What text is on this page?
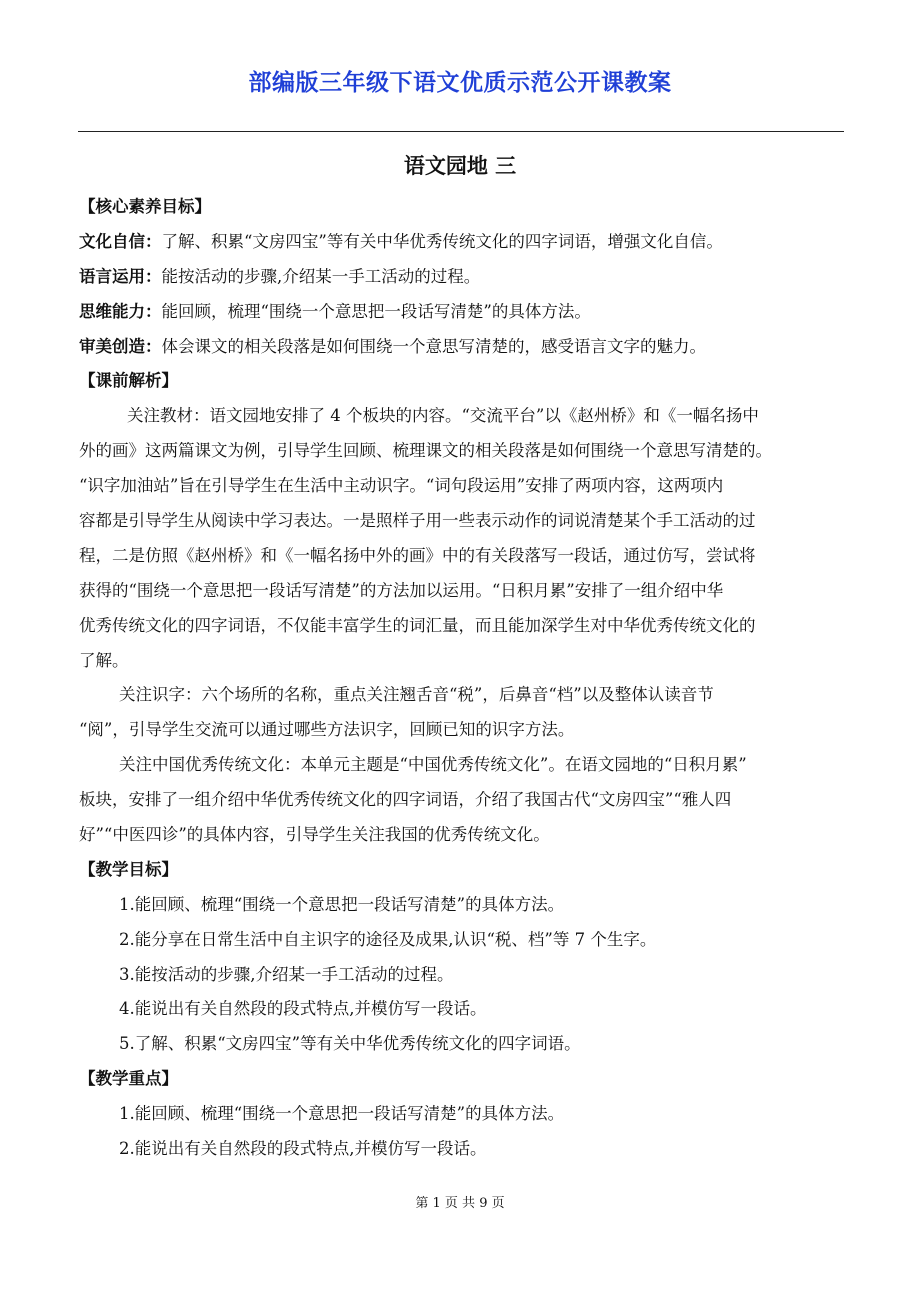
部编版三年级下语文优质示范公开课教案
语文园地 三
【核心素养目标】
文化自信：了解、积累“文房四宝”等有关中华优秀传统文化的四字词语，增强文化自信。
语言运用：能按活动的步骤,介绍某一手工活动的过程。
思维能力：能回顾，梳理“围绕一个意思把一段话写清楚”的具体方法。
审美创造：体会课文的相关段落是如何围绕一个意思写清楚的，感受语言文字的魅力。
【课前解析】
关注教材：语文园地安排了 4 个板块的内容。“交流平台”以《赵州桥》和《一幅名扬中
外的画》这两篇课文为例，引导学生回顾、梳理课文的相关段落是如何围绕一个意思写清楚的。
“识字加油站”旨在引导学生在生活中主动识字。“词句段运用”安排了两项内容，这两项内
容都是引导学生从阅读中学习表达。一是照样子用一些表示动作的词说清楚某个手工活动的过
程，二是仿照《赵州桥》和《一幅名扬中外的画》中的有关段落写一段话，通过仿写，尝试将
获得的“围绕一个意思把一段话写清楚”的方法加以运用。“日积月累”安排了一组介绍中华
优秀传统文化的四字词语，不仅能丰富学生的词汇量，而且能加深学生对中华优秀传统文化的
了解。
关注识字：六个场所的名称，重点关注翘舌音“税”，后鼻音“档”以及整体认读音节
“阅”，引导学生交流可以通过哪些方法识字，回顾已知的识字方法。
关注中国优秀传统文化：本单元主题是“中国优秀传统文化”。在语文园地的“日积月累”
板块，安排了一组介绍中华优秀传统文化的四字词语，介绍了我国古代“文房四宝”“雅人四
好”“中医四诊”的具体内容，引导学生关注我国的优秀传统文化。
【教学目标】
1.能回顾、梳理“围绕一个意思把一段话写清楚”的具体方法。
2.能分享在日常生活中自主识字的途径及成果,认识“税、档”等 7 个生字。
3.能按活动的步骤,介绍某一手工活动的过程。
4.能说出有关自然段的段式特点,并模仿写一段话。
5.了解、积累“文房四宝”等有关中华优秀传统文化的四字词语。
【教学重点】
1.能回顾、梳理“围绕一个意思把一段话写清楚”的具体方法。
2.能说出有关自然段的段式特点,并模仿写一段话。
第 1 页 共 9 页
